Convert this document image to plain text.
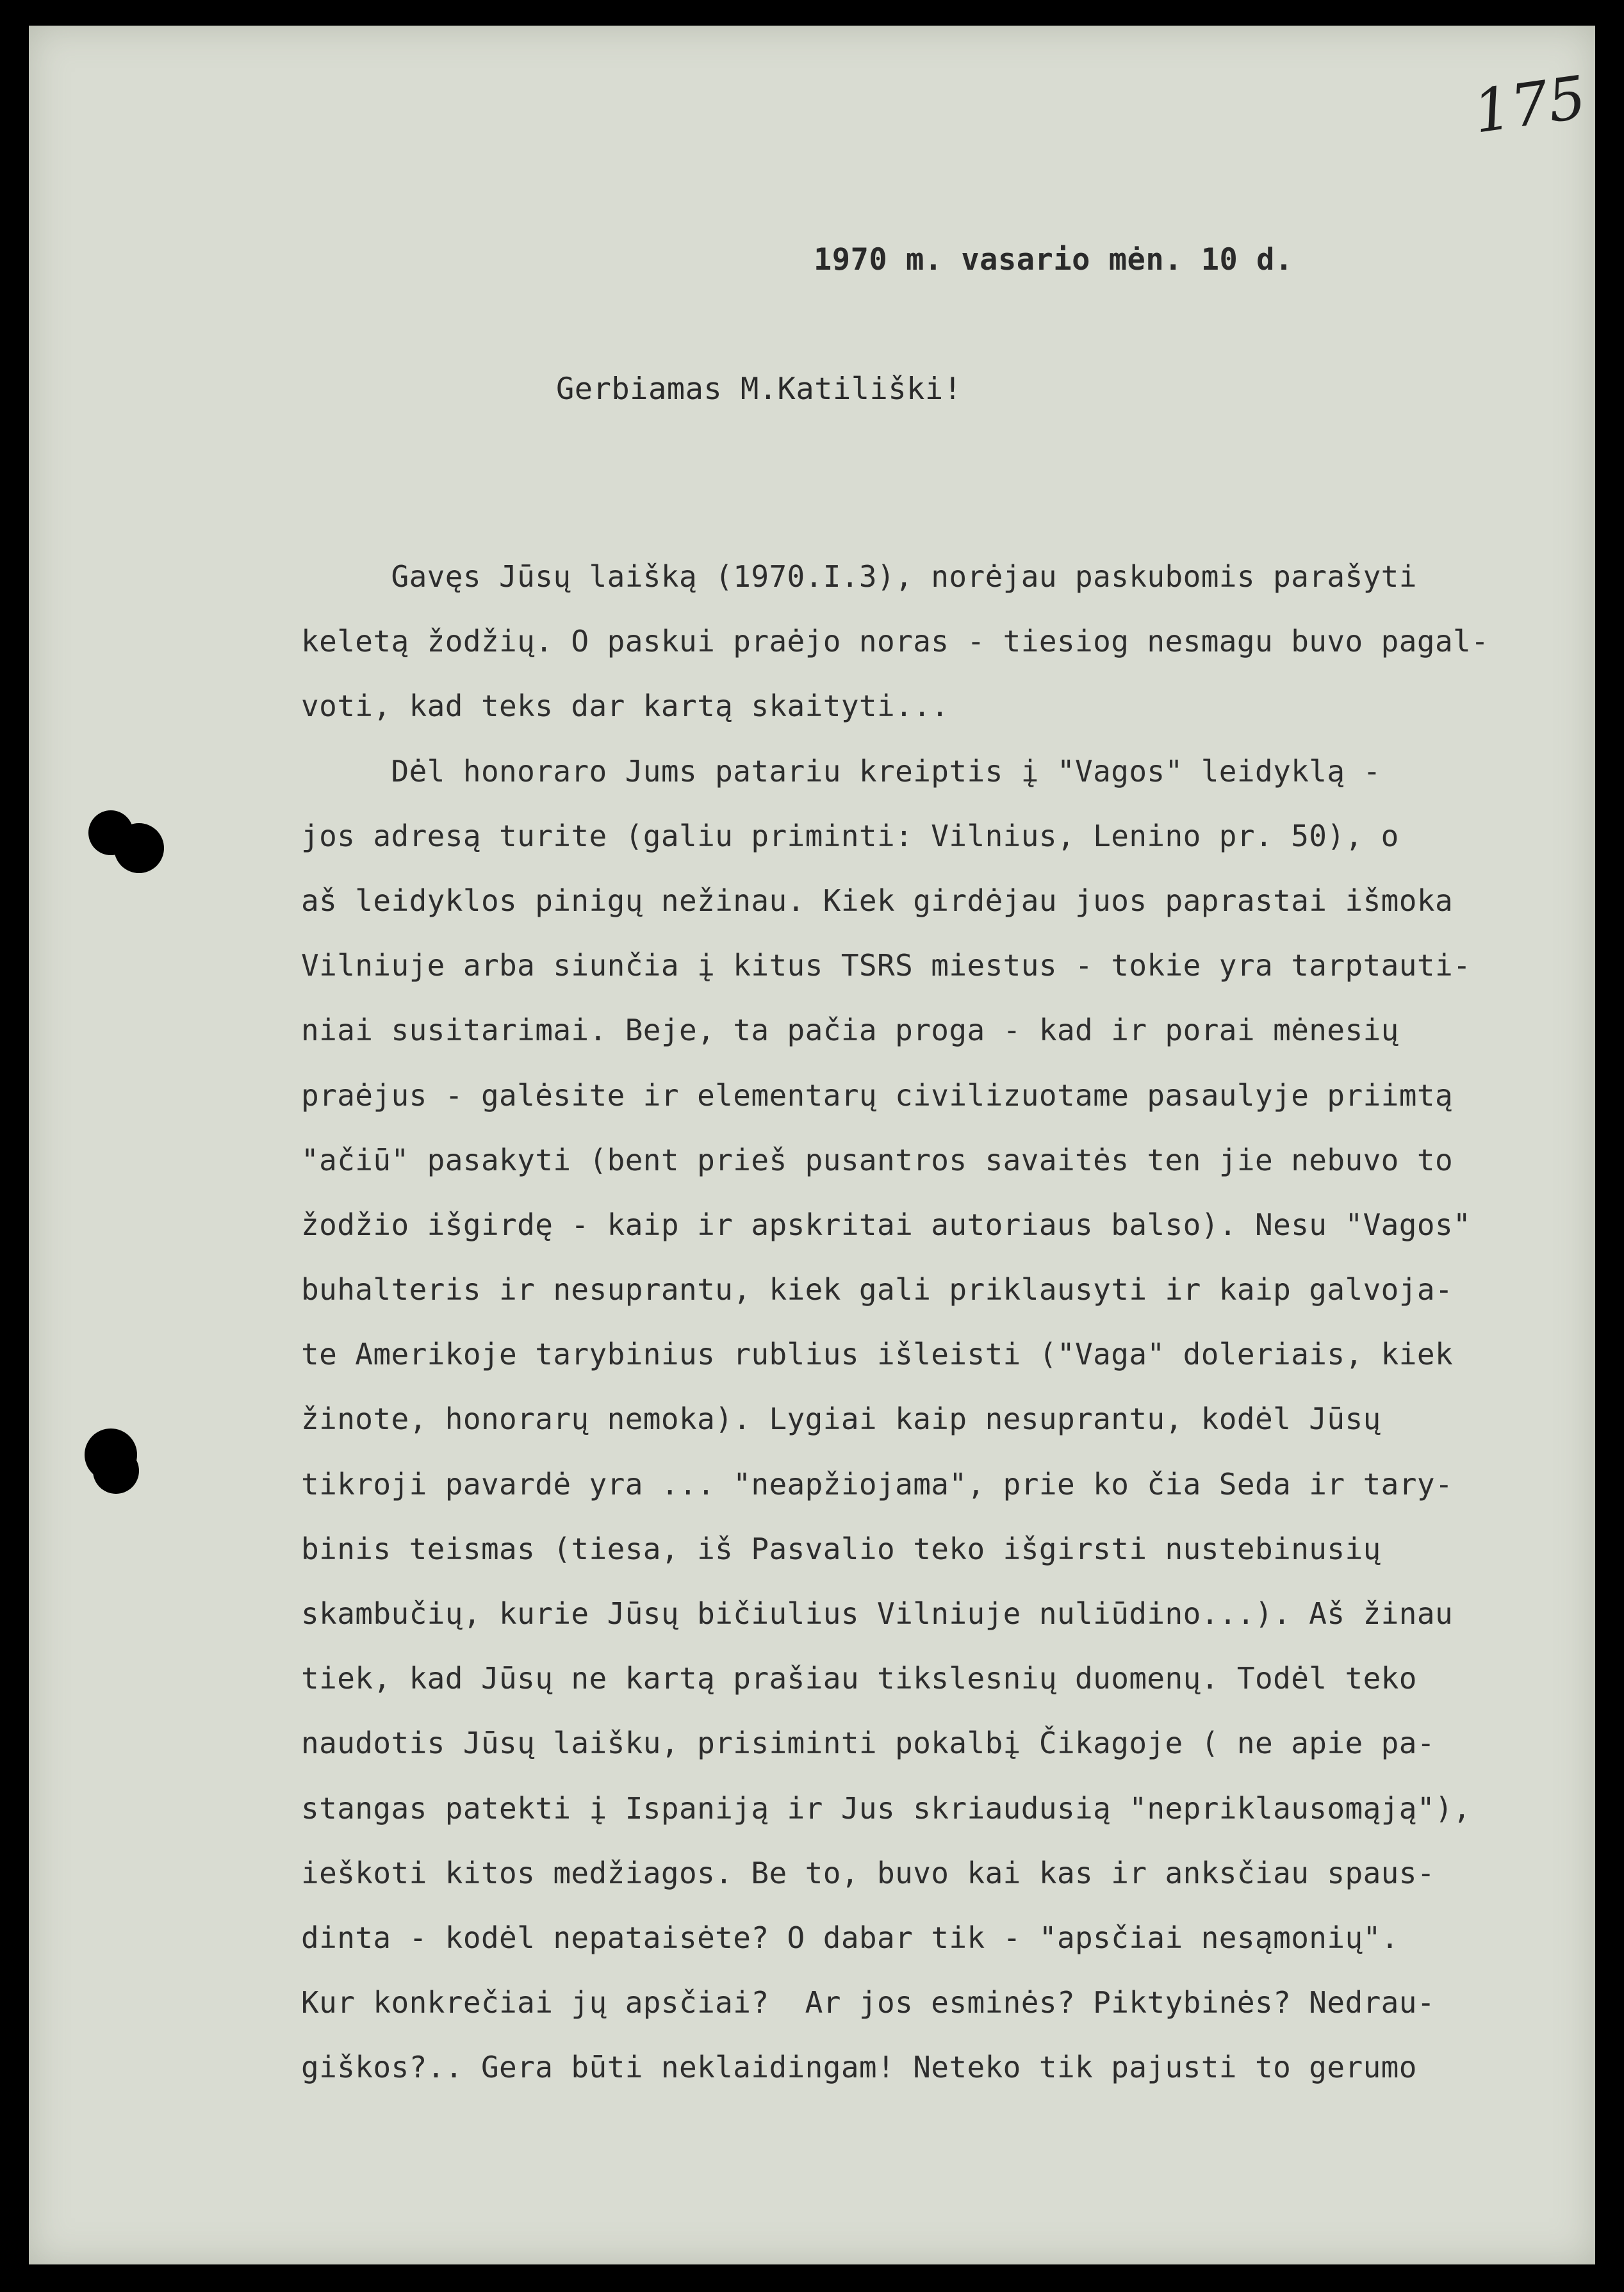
175
1970 m. vasario mėn. 10 d.
Gerbiamas M.Katiliški!
Gavęs Jūsų laišką (1970.I.3), norėjau paskubomis parašyti
keletą žodžių. O paskui praėjo noras - tiesiog nesmagu buvo pagal-
voti, kad teks dar kartą skaityti...
Dėl honoraro Jums patariu kreiptis į "Vagos" leidyklą -
jos adresą turite (galiu priminti: Vilnius, Lenino pr. 50), o
aš leidyklos pinigų nežinau. Kiek girdėjau juos paprastai išmoka
Vilniuje arba siunčia į kitus TSRS miestus - tokie yra tarptauti-
niai susitarimai. Beje, ta pačia proga - kad ir porai mėnesių
praėjus - galėsite ir elementarų civilizuotame pasaulyje priimtą
"ačiū" pasakyti (bent prieš pusantros savaitės ten jie nebuvo to
žodžio išgirdę - kaip ir apskritai autoriaus balso). Nesu "Vagos"
buhalteris ir nesuprantu, kiek gali priklausyti ir kaip galvoja-
te Amerikoje tarybinius rublius išleisti ("Vaga" doleriais, kiek
žinote, honorarų nemoka). Lygiai kaip nesuprantu, kodėl Jūsų
tikroji pavardė yra ... "neapžiojama", prie ko čia Seda ir tary-
binis teismas (tiesa, iš Pasvalio teko išgirsti nustebinusių
skambučių, kurie Jūsų bičiulius Vilniuje nuliūdino...). Aš žinau
tiek, kad Jūsų ne kartą prašiau tikslesnių duomenų. Todėl teko
naudotis Jūsų laišku, prisiminti pokalbį Čikagoje ( ne apie pa-
stangas patekti į Ispaniją ir Jus skriaudusią "nepriklausomąją"),
ieškoti kitos medžiagos. Be to, buvo kai kas ir anksčiau spaus-
dinta - kodėl nepataisėte? O dabar tik - "apsčiai nesąmonių".
Kur konkrečiai jų apsčiai?  Ar jos esminės? Piktybinės? Nedrau-
giškos?.. Gera būti neklaidingam! Neteko tik pajusti to gerumo
